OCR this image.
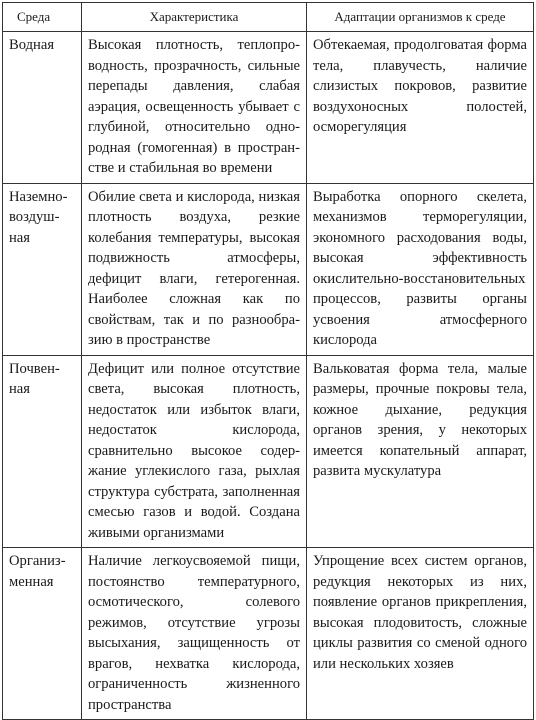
Среда	Характеристика	Адаптации организмов к среде
Водная	Высокая плотность, теплопроводность, прозрачность, сильные перепады давления, слабая аэрация, освещенность убывает с глубиной, относительно однородная (гомогенная) в пространстве и стабильная во времени	Обтекаемая, продолговатая форма тела, плавучесть, наличие слизистых покровов, развитие воздухоносных полостей, осморегуляция
Наземно-воздушная	Обилие света и кислорода, низкая плотность воздуха, резкие колебания температуры, высокая подвижность атмосферы, дефицит влаги, гетерогенная. Наиболее сложная как по свойствам, так и по разнообразию в пространстве	Выработка опорного скелета, механизмов терморегуляции, экономного расходования воды, высокая эффективность окислительно-восстановительных процессов, развиты органы усвоения атмосферного кислорода
Почвенная	Дефицит или полное отсутствие света, высокая плотность, недостаток или избыток влаги, недостаток кислорода, сравнительно высокое содержание углекислого газа, рыхлая структура субстрата, заполненная смесью газов и водой. Создана живыми организмами	Вальковатая форма тела, малые размеры, прочные покровы тела, кожное дыхание, редукция органов зрения, у некоторых имеется копательный аппарат, развита мускулатура
Организменная	Наличие легкоусвояемой пищи, постоянство температурного, осмотического, солевого режимов, отсутствие угрозы высыхания, защищенность от врагов, нехватка кислорода, ограниченность жизненного пространства	Упрощение всех систем органов, редукция некоторых из них, появление органов прикрепления, высокая плодовитость, сложные циклы развития со сменой одного или нескольких хозяев
